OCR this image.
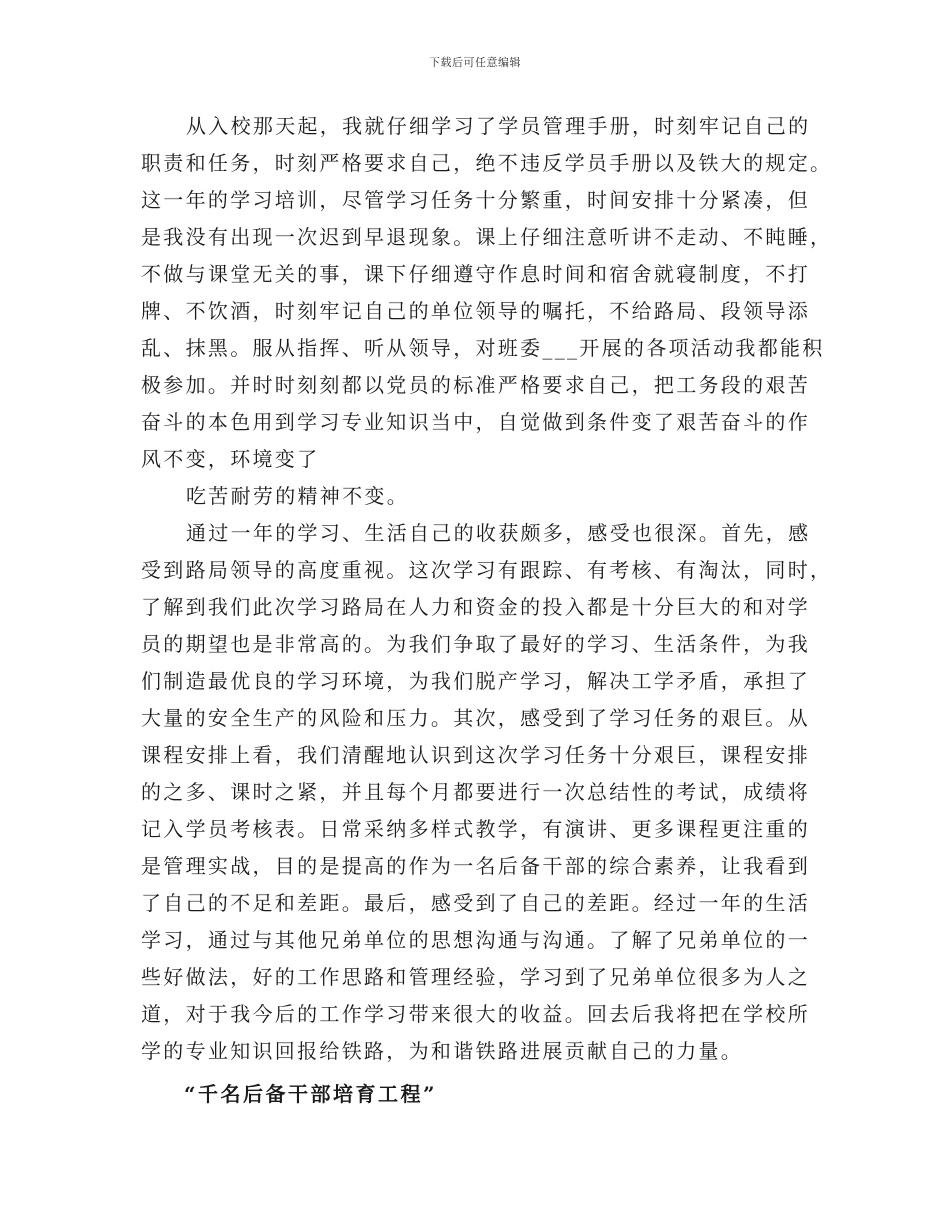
下载后可任意编辑
从入校那天起，我就仔细学习了学员管理手册，时刻牢记自己的
职责和任务，时刻严格要求自己，绝不违反学员手册以及铁大的规定。
这一年的学习培训，尽管学习任务十分繁重，时间安排十分紧凑，但
是我没有出现一次迟到早退现象。课上仔细注意听讲不走动、不盹睡，
不做与课堂无关的事，课下仔细遵守作息时间和宿舍就寝制度，不打
牌、不饮酒，时刻牢记自己的单位领导的嘱托，不给路局、段领导添
乱、抹黑。服从指挥、听从领导，对班委___开展的各项活动我都能积
极参加。并时时刻刻都以党员的标准严格要求自己，把工务段的艰苦
奋斗的本色用到学习专业知识当中，自觉做到条件变了艰苦奋斗的作
风不变，环境变了
吃苦耐劳的精神不变。
通过一年的学习、生活自己的收获颇多，感受也很深。首先，感
受到路局领导的高度重视。这次学习有跟踪、有考核、有淘汰，同时，
了解到我们此次学习路局在人力和资金的投入都是十分巨大的和对学
员的期望也是非常高的。为我们争取了最好的学习、生活条件，为我
们制造最优良的学习环境，为我们脱产学习，解决工学矛盾，承担了
大量的安全生产的风险和压力。其次，感受到了学习任务的艰巨。从
课程安排上看，我们清醒地认识到这次学习任务十分艰巨，课程安排
的之多、课时之紧，并且每个月都要进行一次总结性的考试，成绩将
记入学员考核表。日常采纳多样式教学，有演讲、更多课程更注重的
是管理实战，目的是提高的作为一名后备干部的综合素养，让我看到
了自己的不足和差距。最后，感受到了自己的差距。经过一年的生活
学习，通过与其他兄弟单位的思想沟通与沟通。了解了兄弟单位的一
些好做法，好的工作思路和管理经验，学习到了兄弟单位很多为人之
道，对于我今后的工作学习带来很大的收益。回去后我将把在学校所
学的专业知识回报给铁路，为和谐铁路进展贡献自己的力量。
“千名后备干部培育工程”
